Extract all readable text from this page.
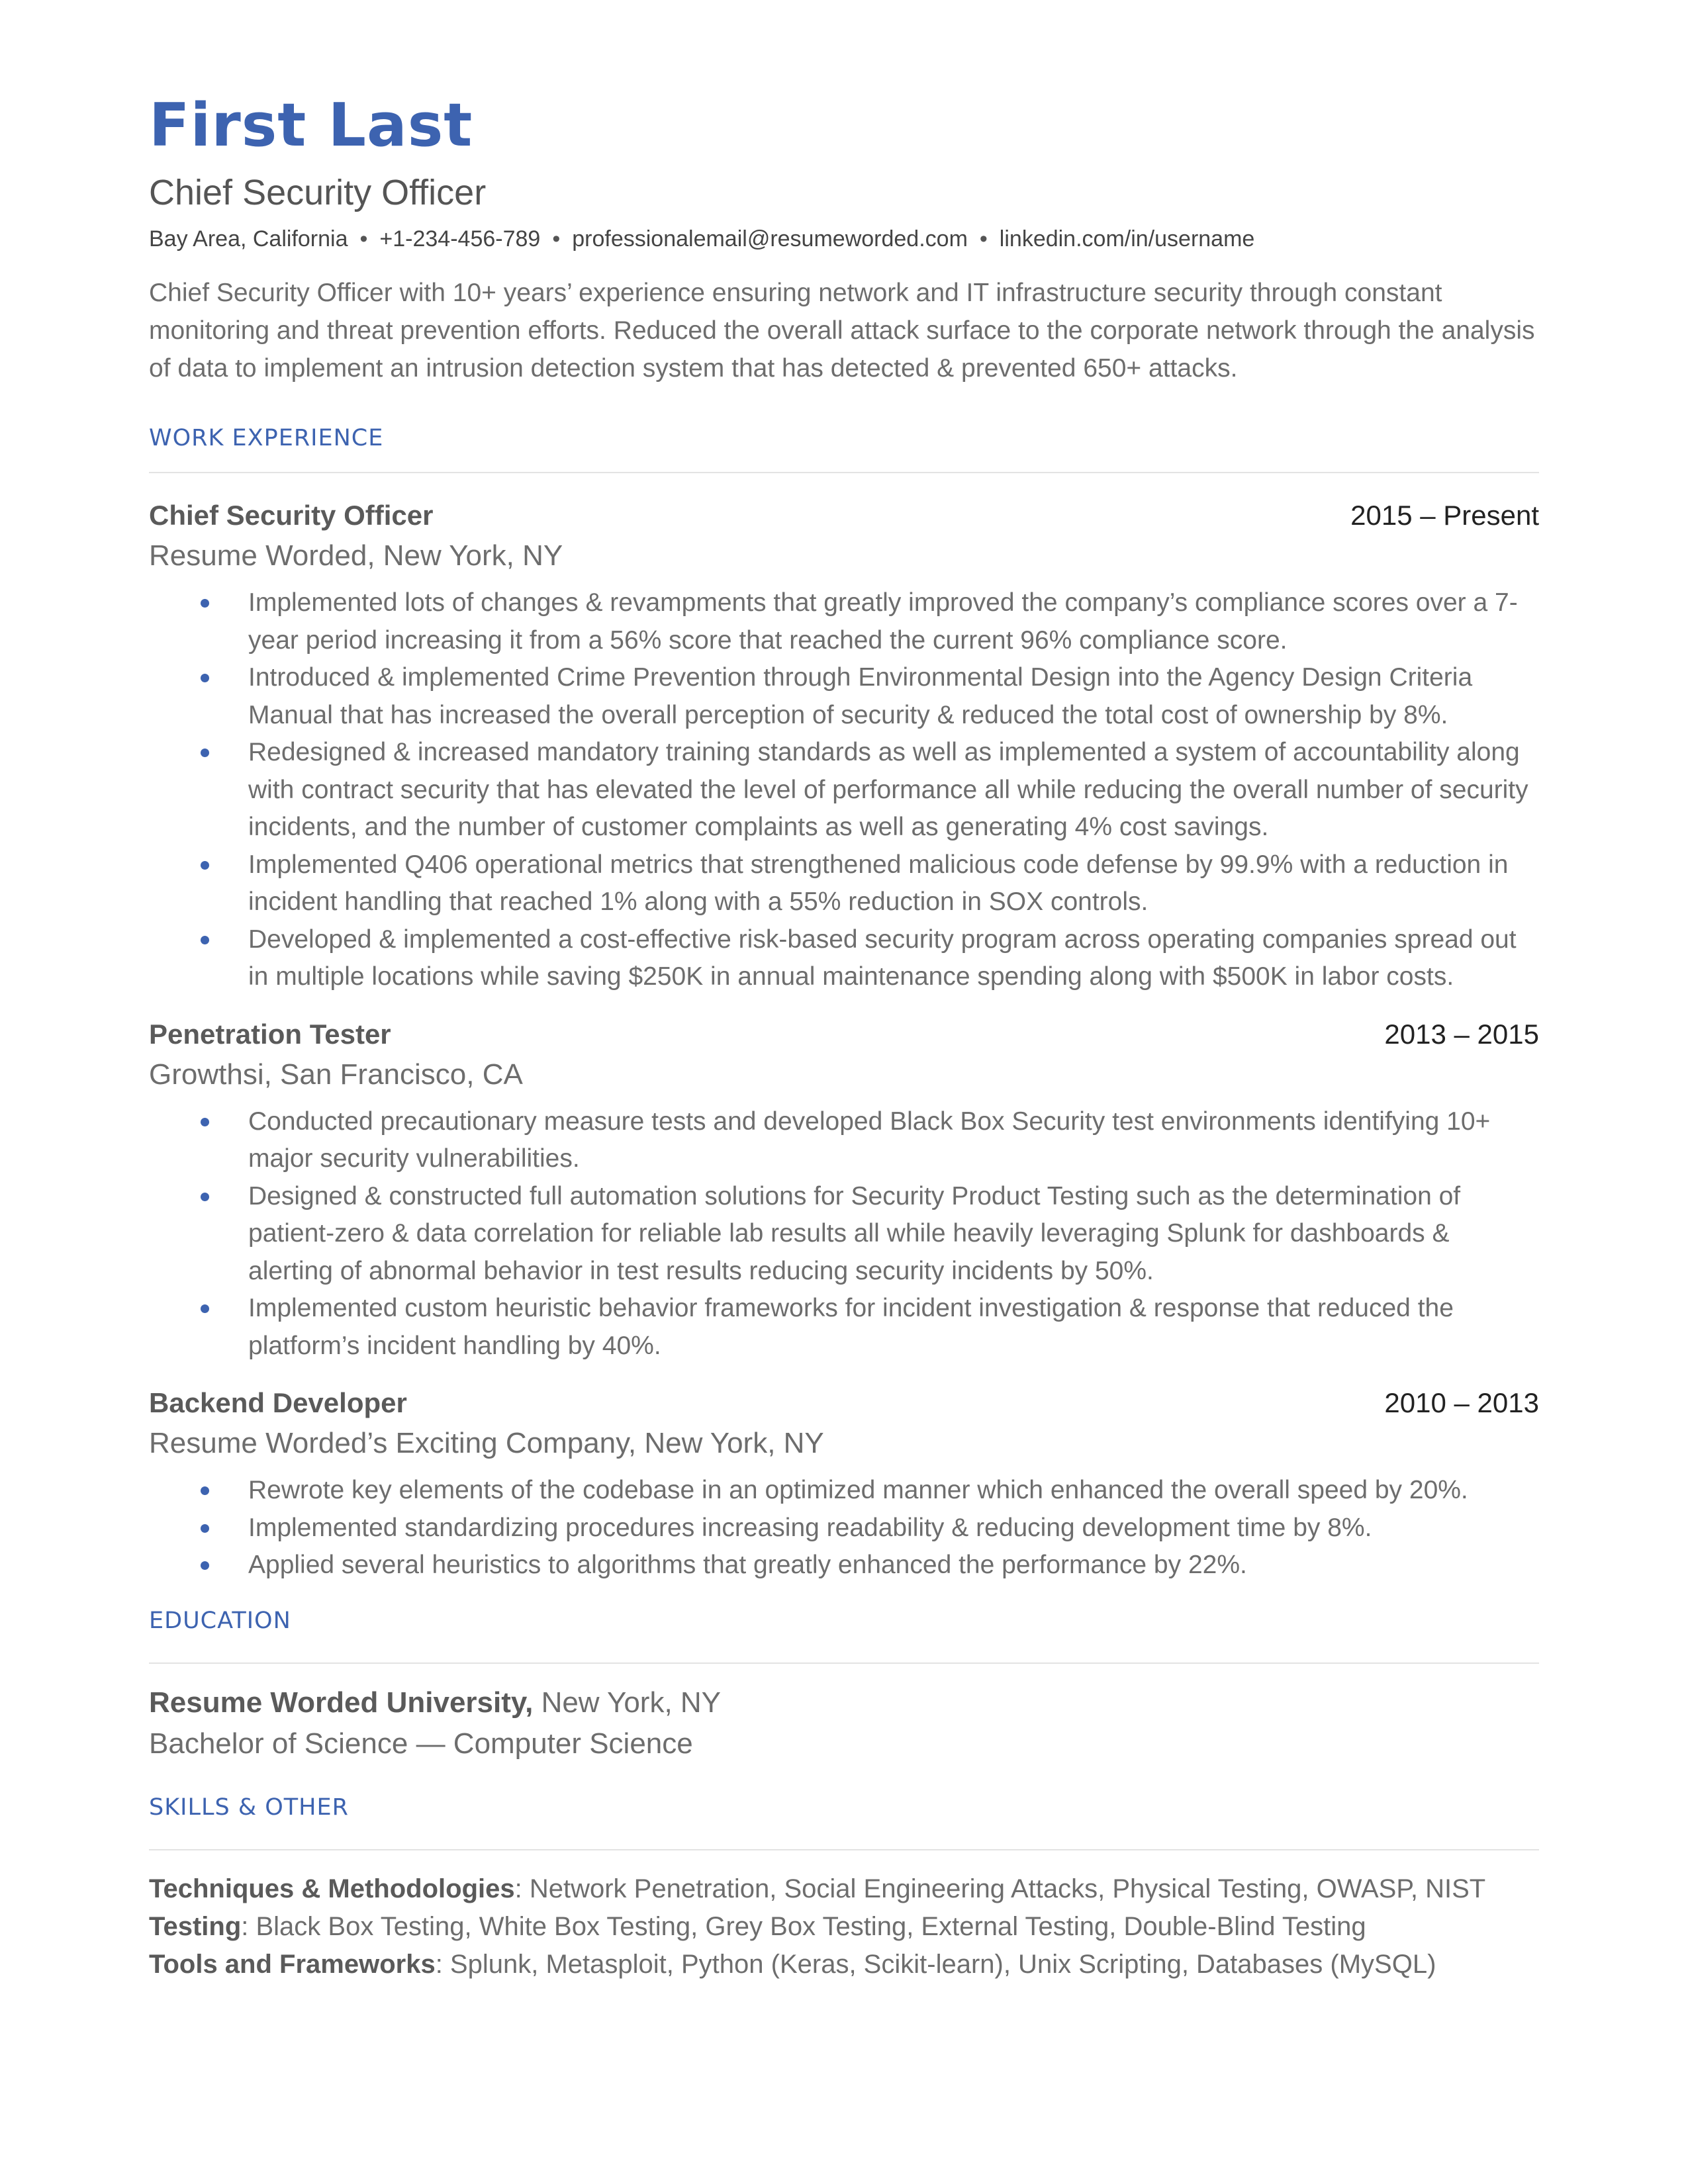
First Last
Chief Security Officer
Bay Area, California • +1-234-456-789 • professionalemail@resumeworded.com • linkedin.com/in/username
Chief Security Officer with 10+ years’ experience ensuring network and IT infrastructure security through constant monitoring and threat prevention efforts. Reduced the overall attack surface to the corporate network through the analysis of data to implement an intrusion detection system that has detected & prevented 650+ attacks.
WORK EXPERIENCE
Chief Security Officer	2015 – Present
Resume Worded, New York, NY
Implemented lots of changes & revampments that greatly improved the company’s compliance scores over a 7-year period increasing it from a 56% score that reached the current 96% compliance score.
Introduced & implemented Crime Prevention through Environmental Design into the Agency Design Criteria Manual that has increased the overall perception of security & reduced the total cost of ownership by 8%.
Redesigned & increased mandatory training standards as well as implemented a system of accountability along with contract security that has elevated the level of performance all while reducing the overall number of security incidents, and the number of customer complaints as well as generating 4% cost savings.
Implemented Q406 operational metrics that strengthened malicious code defense by 99.9% with a reduction in incident handling that reached 1% along with a 55% reduction in SOX controls.
Developed & implemented a cost-effective risk-based security program across operating companies spread out in multiple locations while saving $250K in annual maintenance spending along with $500K in labor costs.
Penetration Tester	2013 – 2015
Growthsi, San Francisco, CA
Conducted precautionary measure tests and developed Black Box Security test environments identifying 10+ major security vulnerabilities.
Designed & constructed full automation solutions for Security Product Testing such as the determination of patient-zero & data correlation for reliable lab results all while heavily leveraging Splunk for dashboards & alerting of abnormal behavior in test results reducing security incidents by 50%.
Implemented custom heuristic behavior frameworks for incident investigation & response that reduced the platform’s incident handling by 40%.
Backend Developer	2010 – 2013
Resume Worded’s Exciting Company, New York, NY
Rewrote key elements of the codebase in an optimized manner which enhanced the overall speed by 20%.
Implemented standardizing procedures increasing readability & reducing development time by 8%.
Applied several heuristics to algorithms that greatly enhanced the performance by 22%.
EDUCATION
Resume Worded University, New York, NY
Bachelor of Science — Computer Science
SKILLS & OTHER
Techniques & Methodologies: Network Penetration, Social Engineering Attacks, Physical Testing, OWASP, NIST
Testing: Black Box Testing, White Box Testing, Grey Box Testing, External Testing, Double-Blind Testing
Tools and Frameworks: Splunk, Metasploit, Python (Keras, Scikit-learn), Unix Scripting, Databases (MySQL)
